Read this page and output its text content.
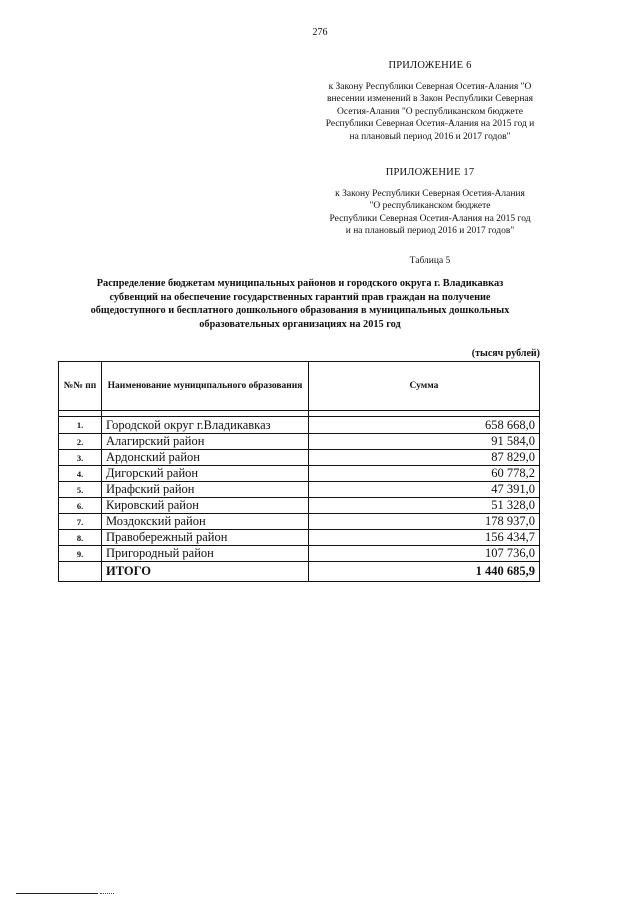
276
ПРИЛОЖЕНИЕ 6
к Закону Республики Северная Осетия-Алания "О
внесении изменений в Закон Республики Северная
Осетия-Алания "О республиканском бюджете
Республики Северная Осетия-Алания на 2015 год и
на плановый период 2016 и 2017 годов"
ПРИЛОЖЕНИЕ 17
к Закону Республики Северная Осетия-Алания
"О республиканском бюджете
Республики Северная Осетия-Алания на 2015 год
и на плановый период 2016 и 2017 годов"
Таблица 5
Распределение бюджетам муниципальных районов и городского округа г. Владикавказ
субвенций на обеспечение государственных гарантий прав граждан на получение
общедоступного и бесплатного дошкольного образования в муниципальных дошкольных
образовательных организациях на 2015 год
(тысяч рублей)
№№ пп	Наименование муниципального образования	Сумма

1.	Городской округ г.Владикавказ	658 668,0
2.	Алагирский район	91 584,0
3.	Ардонский район	87 829,0
4.	Дигорский район	60 778,2
5.	Ирафский район	47 391,0
6.	Кировский район	51 328,0
7.	Моздокский район	178 937,0
8.	Правобережный район	156 434,7
9.	Пригородный район	107 736,0
	ИТОГО	1 440 685,9
